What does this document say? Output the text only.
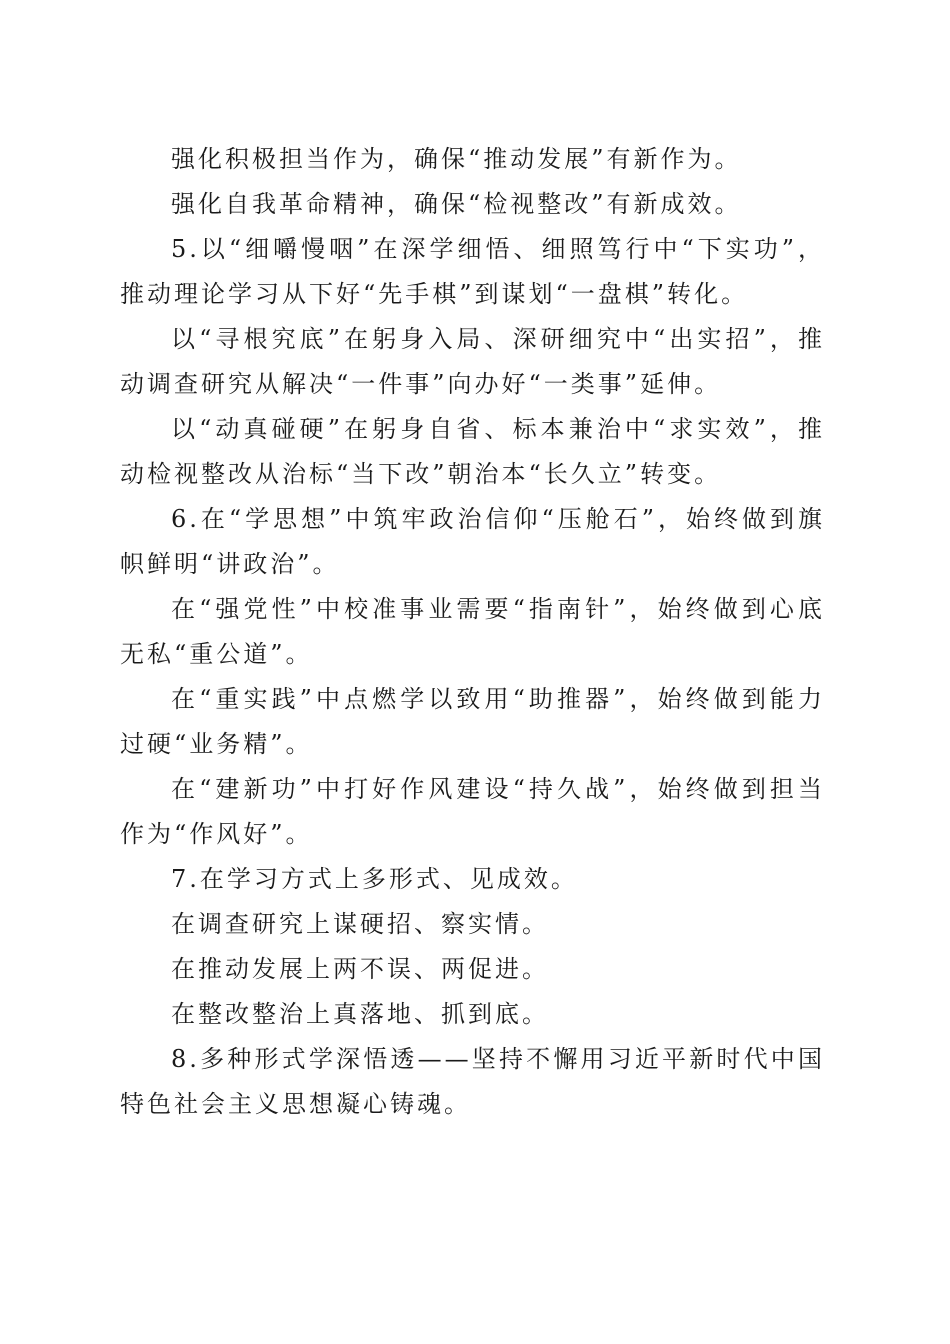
强化积极担当作为，确保“推动发展”有新作为。

强化自我革命精神，确保“检视整改”有新成效。

5.以“细嚼慢咽”在深学细悟、细照笃行中“下实功”，推动理论学习从下好“先手棋”到谋划“一盘棋”转化。

以“寻根究底”在躬身入局、深研细究中“出实招”，推动调查研究从解决“一件事”向办好“一类事”延伸。

以“动真碰硬”在躬身自省、标本兼治中“求实效”，推动检视整改从治标“当下改”朝治本“长久立”转变。

6.在“学思想”中筑牢政治信仰“压舱石”，始终做到旗帜鲜明“讲政治”。

在“强党性”中校准事业需要“指南针”，始终做到心底无私“重公道”。

在“重实践”中点燃学以致用“助推器”，始终做到能力过硬“业务精”。

在“建新功”中打好作风建设“持久战”，始终做到担当作为“作风好”。

7.在学习方式上多形式、见成效。

在调查研究上谋硬招、察实情。

在推动发展上两不误、两促进。

在整改整治上真落地、抓到底。

8.多种形式学深悟透——坚持不懈用习近平新时代中国特色社会主义思想凝心铸魂。
